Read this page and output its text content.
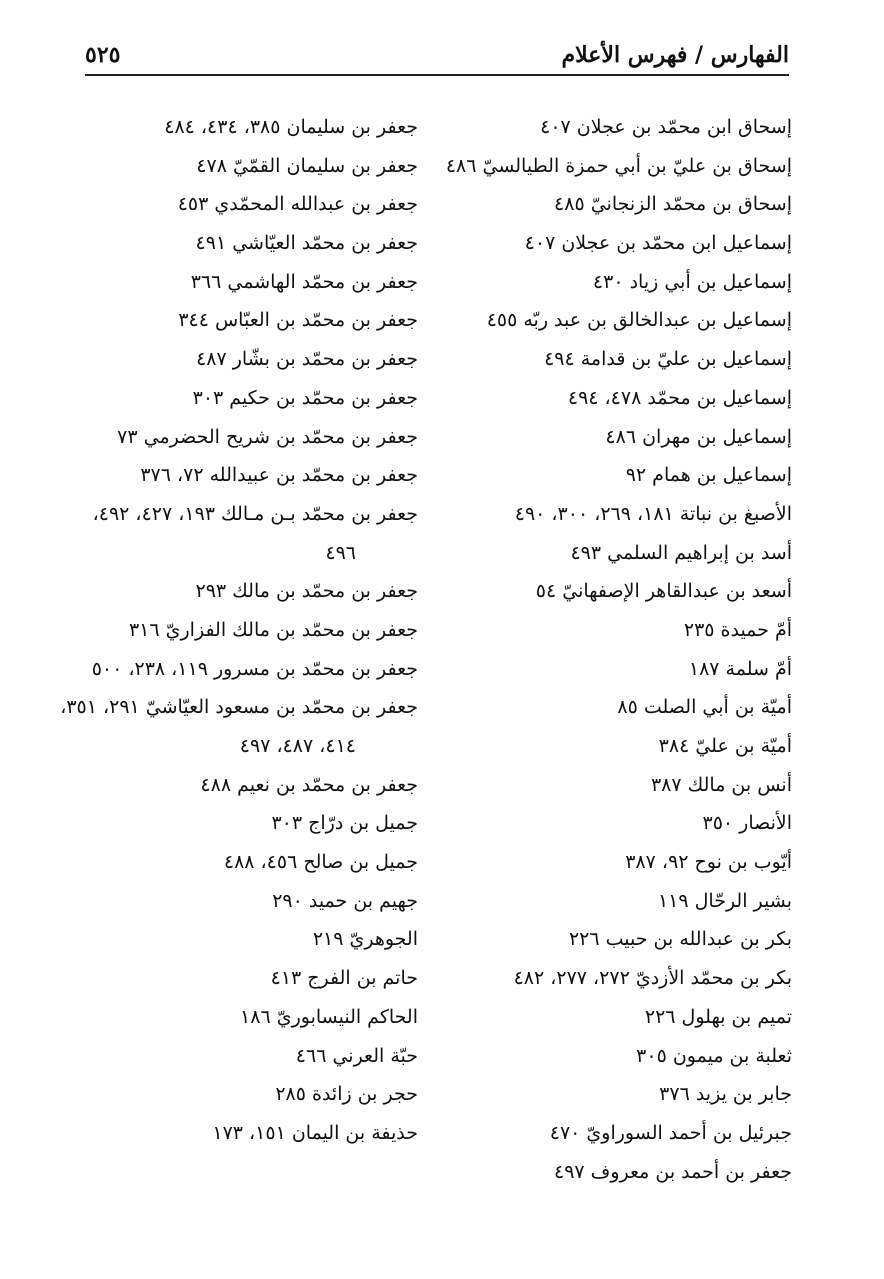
٥٢٥	الفهارس / فهرس الأعلام
إسحاق ابن محمّد بن عجلان ٤٠٧
إسحاق بن عليّ بن أبي حمزة الطيالسيّ ٤٨٦
إسحاق بن محمّد الزنجانيّ ٤٨٥
إسماعيل ابن محمّد بن عجلان ٤٠٧
إسماعيل بن أبي زياد ٤٣٠
إسماعيل بن عبدالخالق بن عبد ربّه ٤٥٥
إسماعيل بن عليّ بن قدامة ٤٩٤
إسماعيل بن محمّد ٤٧٨، ٤٩٤
إسماعيل بن مهران ٤٨٦
إسماعيل بن همام ٩٢
الأصبغ بن نباتة ١٨١، ٢٦٩، ٣٠٠، ٤٩٠
أسد بن إبراهيم السلمي ٤٩٣
أسعد بن عبدالقاهر الإصفهانيّ ٥٤
أمّ حميدة ٢٣٥
أمّ سلمة ١٨٧
أميّة بن أبي الصلت ٨٥
أميّة بن عليّ ٣٨٤
أنس بن مالك ٣٨٧
الأنصار ٣٥٠
أيّوب بن نوح ٩٢، ٣٨٧
بشير الرحّال ١١٩
بكر بن عبدالله بن حبيب ٢٢٦
بكر بن محمّد الأزديّ ٢٧٢، ٢٧٧، ٤٨٢
تميم بن بهلول ٢٢٦
ثعلبة بن ميمون ٣٠٥
جابر بن يزيد ٣٧٦
جبرئيل بن أحمد السوراويّ ٤٧٠
جعفر بن أحمد بن معروف ٤٩٧
جعفر بن سليمان ٣٨٥، ٤٣٤، ٤٨٤
جعفر بن سليمان القمّيّ ٤٧٨
جعفر بن عبدالله المحمّدي ٤٥٣
جعفر بن محمّد العيّاشي ٤٩١
جعفر بن محمّد الهاشمي ٣٦٦
جعفر بن محمّد بن العبّاس ٣٤٤
جعفر بن محمّد بن بشّار ٤٨٧
جعفر بن محمّد بن حكيم ٣٠٣
جعفر بن محمّد بن شريح الحضرمي ٧٣
جعفر بن محمّد بن عبيدالله ٧٢، ٣٧٦
جعفر بن محمّد بـن مـالك ١٩٣، ٤٢٧، ٤٩٢،
٤٩٦
جعفر بن محمّد بن مالك ٢٩٣
جعفر بن محمّد بن مالك الفزاريّ ٣١٦
جعفر بن محمّد بن مسرور ١١٩، ٢٣٨، ٥٠٠
جعفر بن محمّد بن مسعود العيّاشيّ ٢٩١، ٣٥١،
٤١٤، ٤٨٧، ٤٩٧
جعفر بن محمّد بن نعيم ٤٨٨
جميل بن درّاج ٣٠٣
جميل بن صالح ٤٥٦، ٤٨٨
جهيم بن حميد ٢٩٠
الجوهريّ ٢١٩
حاتم بن الفرج ٤١٣
الحاكم النيسابوريّ ١٨٦
حبّة العرني ٤٦٦
حجر بن زائدة ٢٨٥
حذيفة بن اليمان ١٥١، ١٧٣
